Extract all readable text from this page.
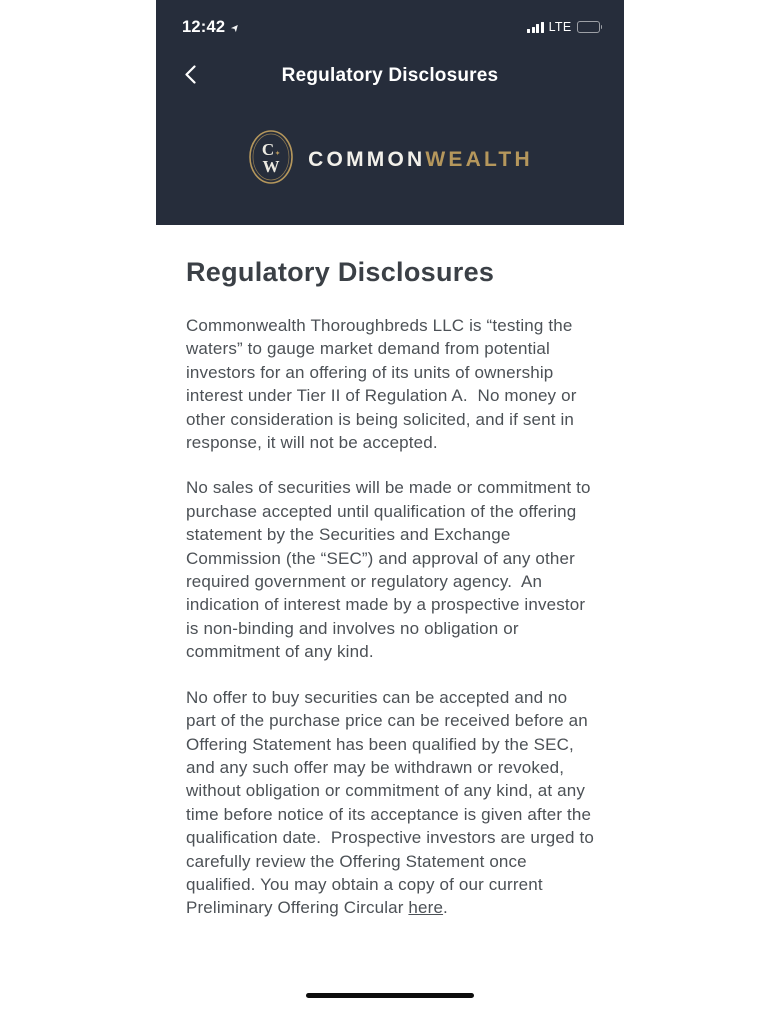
12:42 ➤	LTE
Regulatory Disclosures
C ✦
W COMMONWEALTH
Regulatory Disclosures

Commonwealth Thoroughbreds LLC is “testing the waters” to gauge market demand from potential investors for an offering of its units of ownership interest under Tier II of Regulation A.  No money or other consideration is being solicited, and if sent in response, it will not be accepted.

No sales of securities will be made or commitment to purchase accepted until qualification of the offering statement by the Securities and Exchange Commission (the “SEC”) and approval of any other required government or regulatory agency.  An indication of interest made by a prospective investor is non-binding and involves no obligation or commitment of any kind.

No offer to buy securities can be accepted and no part of the purchase price can be received before an Offering Statement has been qualified by the SEC, and any such offer may be withdrawn or revoked, without obligation or commitment of any kind, at any time before notice of its acceptance is given after the qualification date.  Prospective investors are urged to carefully review the Offering Statement once qualified. You may obtain a copy of our current Preliminary Offering Circular here.
